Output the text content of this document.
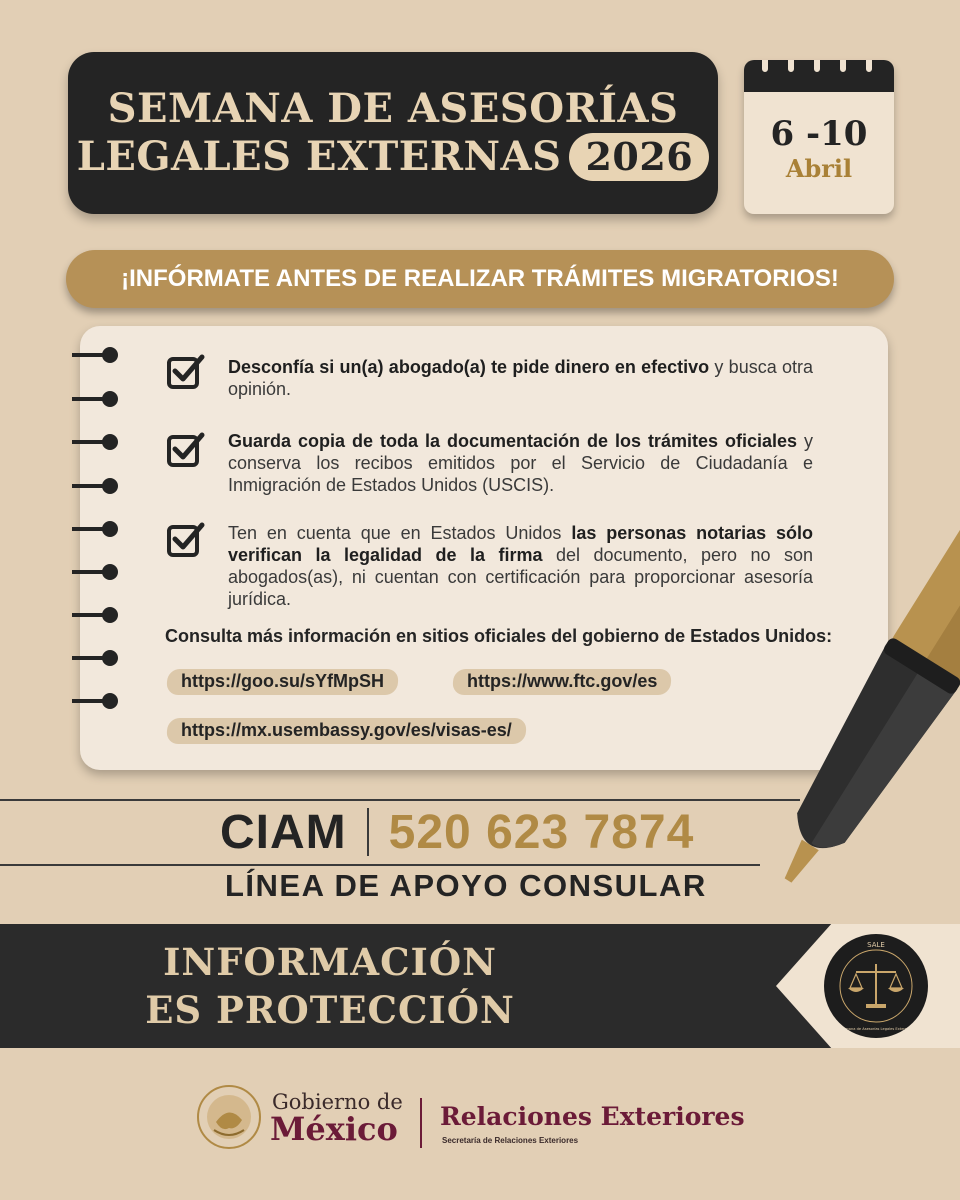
SEMANA DE ASESORÍAS
LEGALES EXTERNAS 2026	6 -10
Abril
¡INFÓRMATE ANTES DE REALIZAR TRÁMITES MIGRATORIOS!
Desconfía si un(a) abogado(a) te pide dinero en efectivo y busca otra opinión.
Guarda copia de toda la documentación de los trámites oficiales y conserva los recibos emitidos por el Servicio de Ciudadanía e Inmigración de Estados Unidos (USCIS).
Ten en cuenta que en Estados Unidos las personas notarias sólo verifican la legalidad de la firma del documento, pero no son abogados(as), ni cuentan con certificación para proporcionar asesoría jurídica.
Consulta más información en sitios oficiales del gobierno de Estados Unidos:
https://goo.su/sYfMpSH	https://www.ftc.gov/es
https://mx.usembassy.gov/es/visas-es/
CIAM 520 623 7874
LÍNEA DE APOYO CONSULAR
INFORMACIÓN
ES PROTECCIÓN
SALE
Semana de Asesorías Legales Externas
Gobierno de
México Relaciones Exteriores
Secretaría de Relaciones Exteriores
